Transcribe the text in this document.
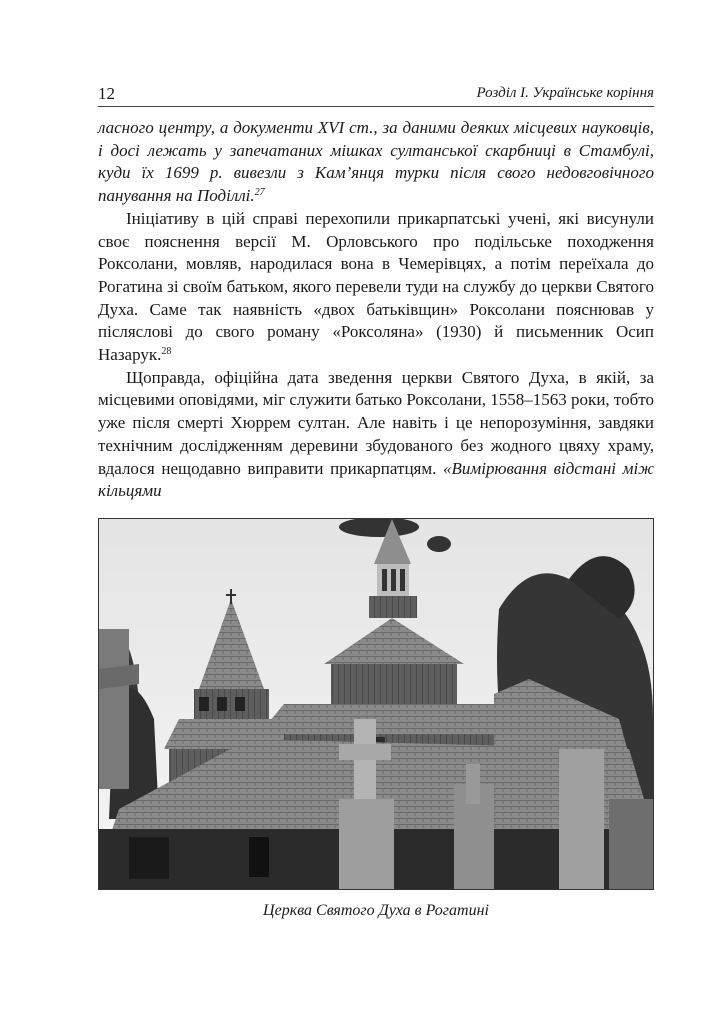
12	Розділ І. Українське коріння

ласного центру, а документи XVI ст., за даними деяких місцевих науковців, і досі лежать у запечатаних мішках султанської скарбниці в Стамбулі, куди їх 1699 р. вивезли з Кам’янця турки після свого недовговічного панування на Поділлі.$^{27}$

Ініціативу в цій справі перехопили прикарпатські учені, які висунули своє пояснення версії М. Орловського про подільське походження Роксолани, мовляв, народилася вона в Чемерівцях, а потім переїхала до Рогатина зі своїм батьком, якого перевели туди на службу до церкви Святого Духа. Саме так наявність «двох батьківщин» Роксолани пояснював у післяслові до свого роману «Роксоляна» (1930) й письменник Осип Назарук.$^{28}$

Щоправда, офіційна дата зведення церкви Святого Духа, в якій, за місцевими оповідями, міг служити батько Роксолани, 1558–1563 роки, тобто уже після смерті Хюррем султан. Але навіть і це непорозуміння, завдяки технічним дослідженням деревини збудованого без жодного цвяху храму, вдалося нещодавно виправити прикарпатцям. «Вимірювання відстані між кільцями

Церква Святого Духа в Рогатині
